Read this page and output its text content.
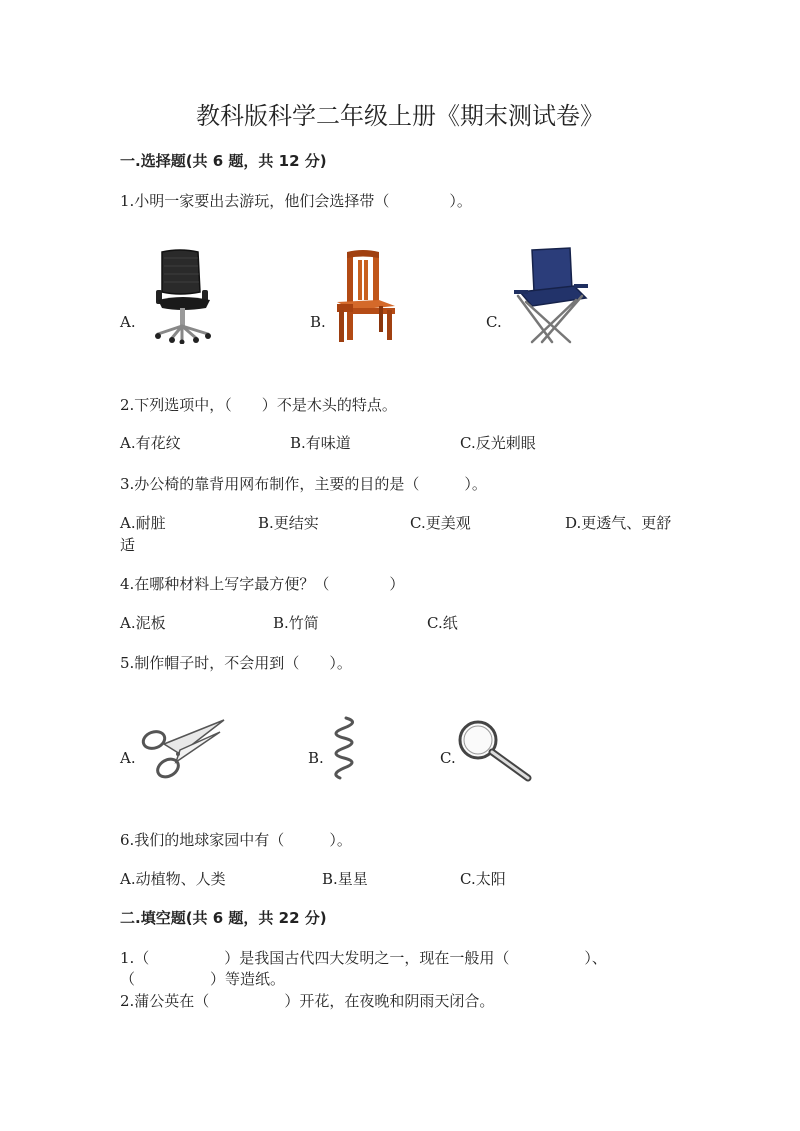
教科版科学二年级上册《期末测试卷》
一.选择题(共 6 题，共 12 分)
1.小明一家要出去游玩，他们会选择带（　　　　）。
A.	B.	C.
2.下列选项中，（　　）不是木头的特点。
A.有花纹	B.有味道	C.反光刺眼
3.办公椅的靠背用网布制作，主要的目的是（　　　）。
A.耐脏	B.更结实	C.更美观	D.更透气、更舒
适
4.在哪种材料上写字最方便？（　　　　）
A.泥板	B.竹简	C.纸
5.制作帽子时，不会用到（　　）。
A.	B.	C.
6.我们的地球家园中有（　　　）。
A.动植物、人类	B.星星	C.太阳
二.填空题(共 6 题，共 22 分)
1.（　　　　　）是我国古代四大发明之一，现在一般用（　　　　　）、
（　　　　　）等造纸。
2.蒲公英在（　　　　　）开花，在夜晚和阴雨天闭合。
